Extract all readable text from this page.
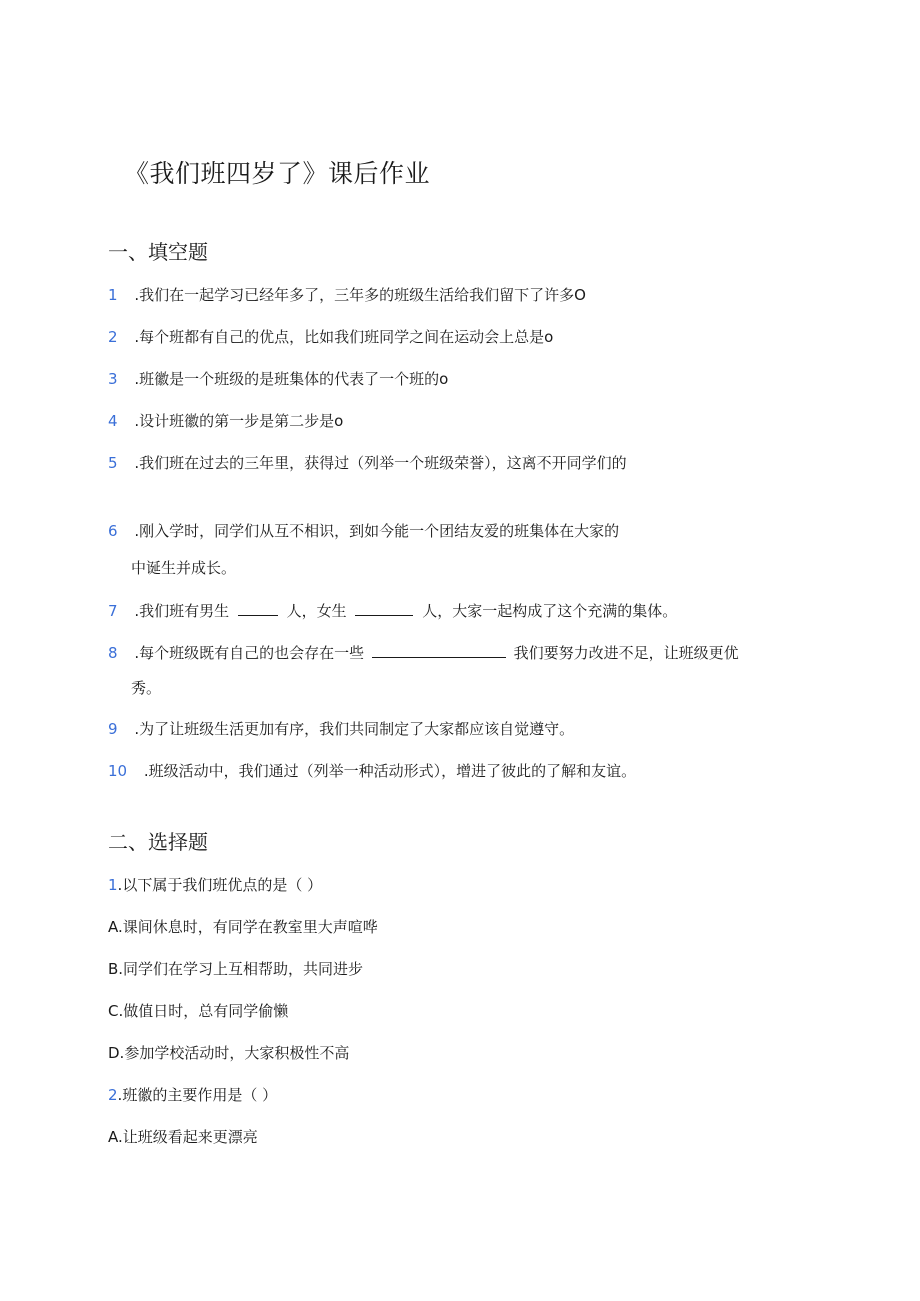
《我们班四岁了》课后作业
一、填空题
1 .我们在一起学习已经年多了，三年多的班级生活给我们留下了许多O
2 .每个班都有自己的优点，比如我们班同学之间在运动会上总是o
3 .班徽是一个班级的是班集体的代表了一个班的o
4 .设计班徽的第一步是第二步是o
5 .我们班在过去的三年里，获得过（列举一个班级荣誉），这离不开同学们的
6 .刚入学时，同学们从互不相识，到如今能一个团结友爱的班集体在大家的
中诞生并成长。
7 .我们班有男生	人，女生	人，大家一起构成了这个充满的集体。
8 .每个班级既有自己的也会存在一些	我们要努力改进不足，让班级更优
秀。
9 .为了让班级生活更加有序，我们共同制定了大家都应该自觉遵守。
10 .班级活动中，我们通过（列举一种活动形式），增进了彼此的了解和友谊。
二、选择题
1.以下属于我们班优点的是（ ）
A.课间休息时，有同学在教室里大声喧哗
B.同学们在学习上互相帮助，共同进步
C.做值日时，总有同学偷懒
D.参加学校活动时，大家积极性不高
2.班徽的主要作用是（ ）
A.让班级看起来更漂亮
